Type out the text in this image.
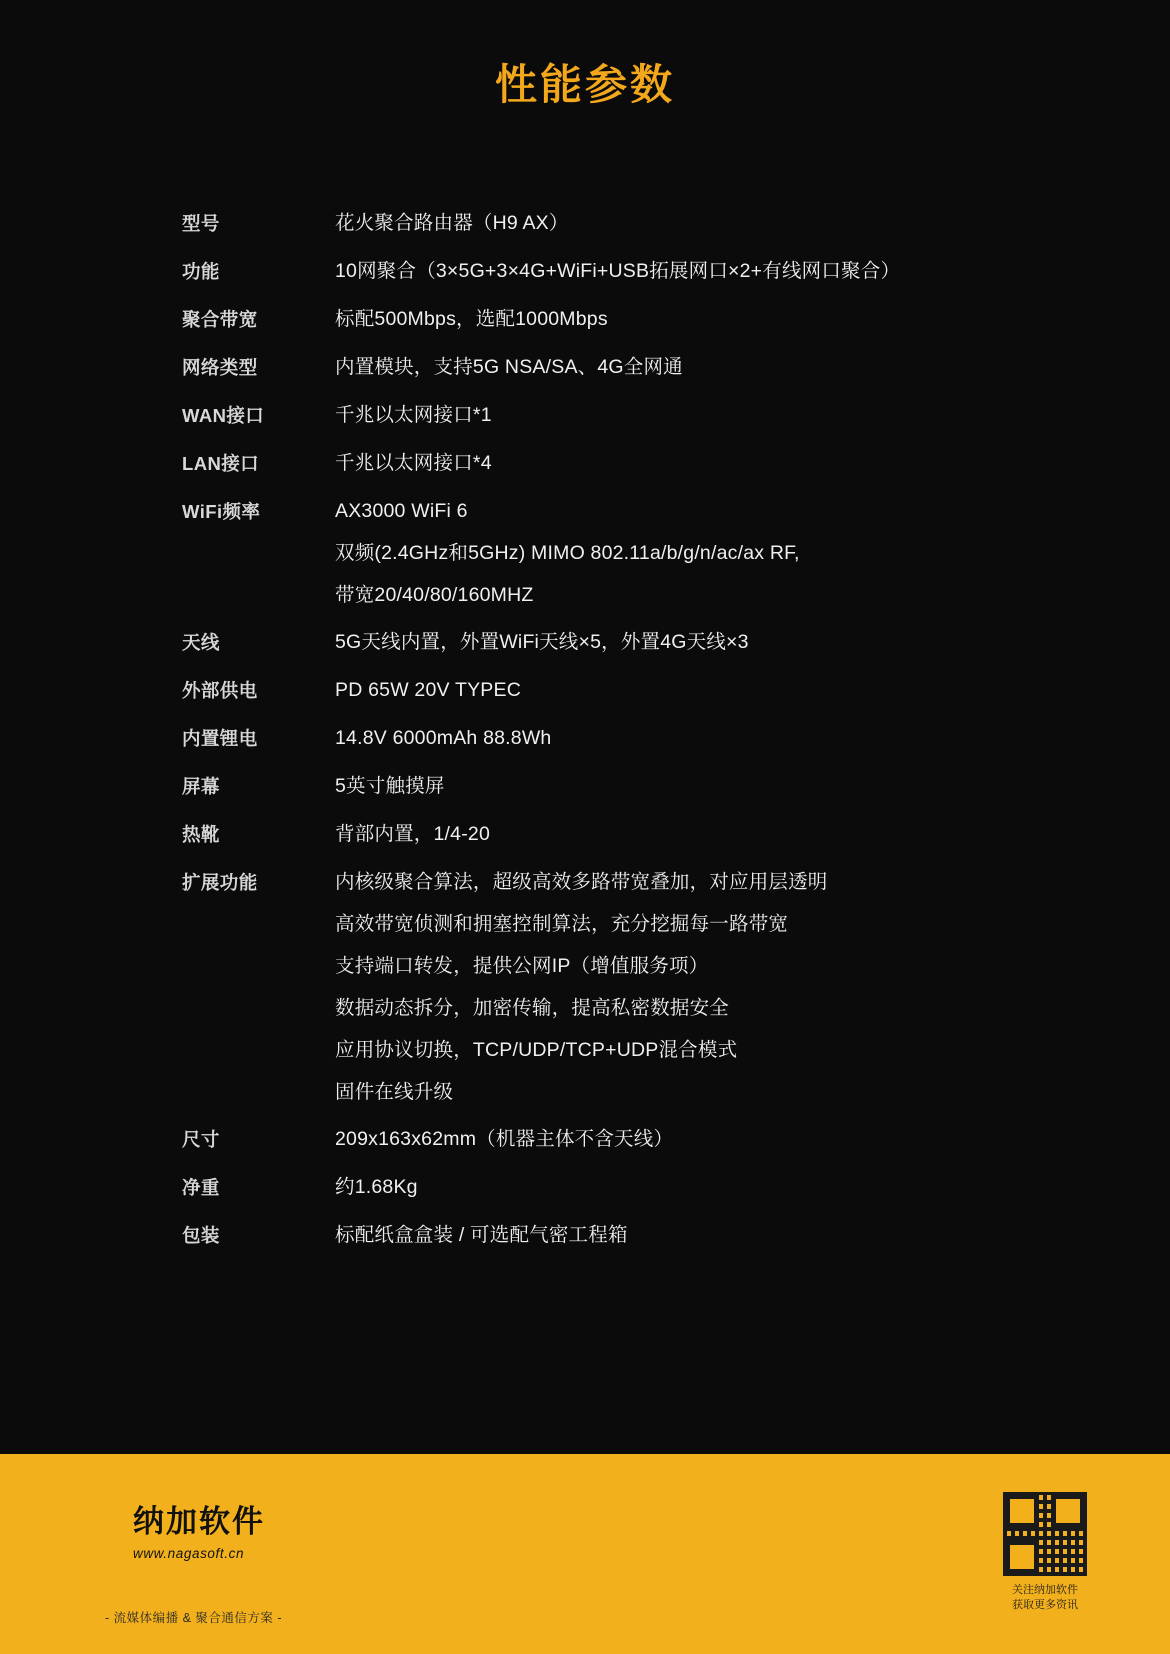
性能参数
型号	花火聚合路由器（H9 AX）
功能	10网聚合（3×5G+3×4G+WiFi+USB拓展网口×2+有线网口聚合）
聚合带宽	标配500Mbps，选配1000Mbps
网络类型	内置模块，支持5G NSA/SA、4G全网通
WAN接口	千兆以太网接口*1
LAN接口	千兆以太网接口*4
WiFi频率	AX3000 WiFi 6
双频(2.4GHz和5GHz) MIMO 802.11a/b/g/n/ac/ax RF,
带宽20/40/80/160MHZ
天线	5G天线内置，外置WiFi天线×5，外置4G天线×3
外部供电	PD 65W 20V TYPEC
内置锂电	14.8V 6000mAh 88.8Wh
屏幕	5英寸触摸屏
热靴	背部内置，1/4-20
扩展功能	内核级聚合算法，超级高效多路带宽叠加，对应用层透明
高效带宽侦测和拥塞控制算法，充分挖掘每一路带宽
支持端口转发，提供公网IP（增值服务项）
数据动态拆分，加密传输，提高私密数据安全
应用协议切换，TCP/UDP/TCP+UDP混合模式
固件在线升级
尺寸	209x163x62mm（机器主体不含天线）
净重	约1.68Kg
包装	标配纸盒盒装 / 可选配气密工程箱
纳加软件
www.nagasoft.cn
- 流媒体编播 & 聚合通信方案 -
关注纳加软件
获取更多资讯
